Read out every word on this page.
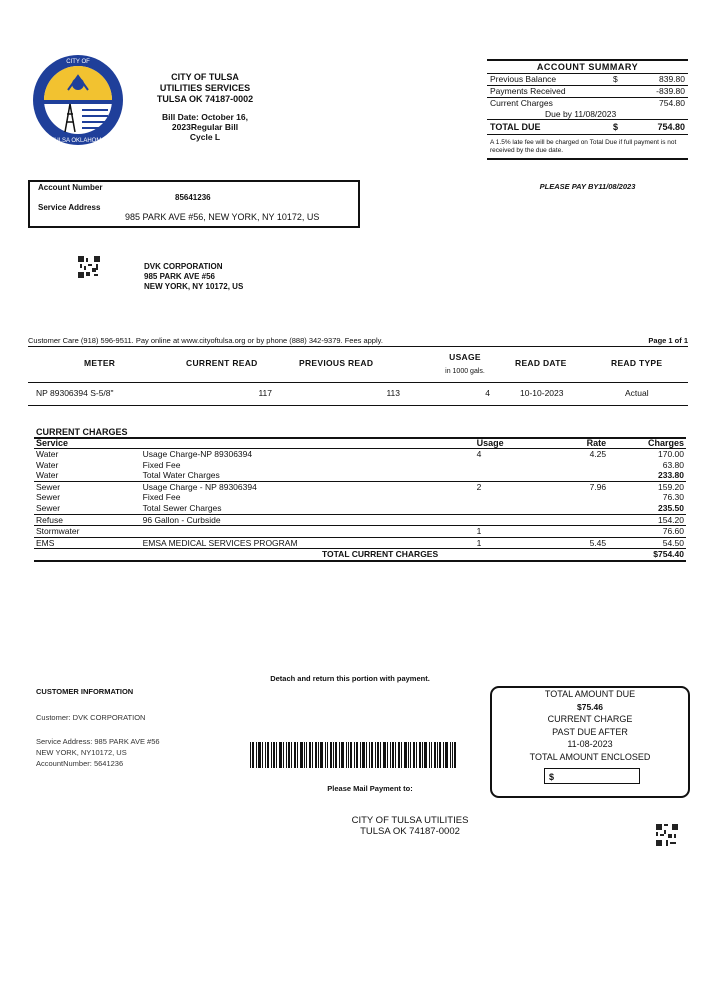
CITY OF
TULSA OKLAHOMA
CITY OF TULSA
UTILITIES SERVICES
TULSA OK 74187-0002
Bill Date: October 16, 2023Regular Bill
Cycle L
ACCOUNT SUMMARY
Previous Balance	$	839.80
Payments Received	-839.80
Current Charges	754.80
Due by 11/08/2023
TOTAL DUE	$	754.80
A 1.5% late fee will be charged on Total Due if full payment is not received by the due date.
PLEASE PAY BY11/08/2023
Account Number
85641236
Service Address
985 PARK AVE #56, NEW YORK, NY 10172, US
DVK CORPORATION
985 PARK AVE #56
NEW YORK, NY 10172, US
Customer Care (918) 596-9511. Pay online at www.cityoftulsa.org or by phone (888) 342-9379. Fees apply.	Page 1 of 1
METER	CURRENT READ	PREVIOUS READ
USAGE
in 1000 gals.
READ DATE	READ TYPE
NP 89306394 S-5/8"	117	113	4	10-10-2023	Actual
CURRENT CHARGES
Service		Usage	Rate	Charges
Water	Usage Charge-NP 89306394	4	4.25	170.00
Water	Fixed Fee			63.80
Water	Total Water Charges			233.80
Sewer	Usage Charge - NP 89306394	2	7.96	159.20
Sewer	Fixed Fee			76.30
Sewer	Total Sewer Charges			235.50
Refuse	96 Gallon - Curbside			154.20
Stormwater		1		76.60
EMS	EMSA MEDICAL SERVICES PROGRAM	1	5.45	54.50
TOTAL CURRENT CHARGES				$754.40
Detach and return this portion with payment.
CUSTOMER INFORMATION
Customer: DVK CORPORATION
Service Address: 985 PARK AVE #56
NEW YORK, NY10172, US
AccountNumber: 5641236
Please Mail Payment to:
CITY OF TULSA UTILITIES
TULSA OK 74187-0002
TOTAL AMOUNT DUE
$75.46
CURRENT CHARGE
PAST DUE AFTER
11-08-2023
TOTAL AMOUNT ENCLOSED
$
